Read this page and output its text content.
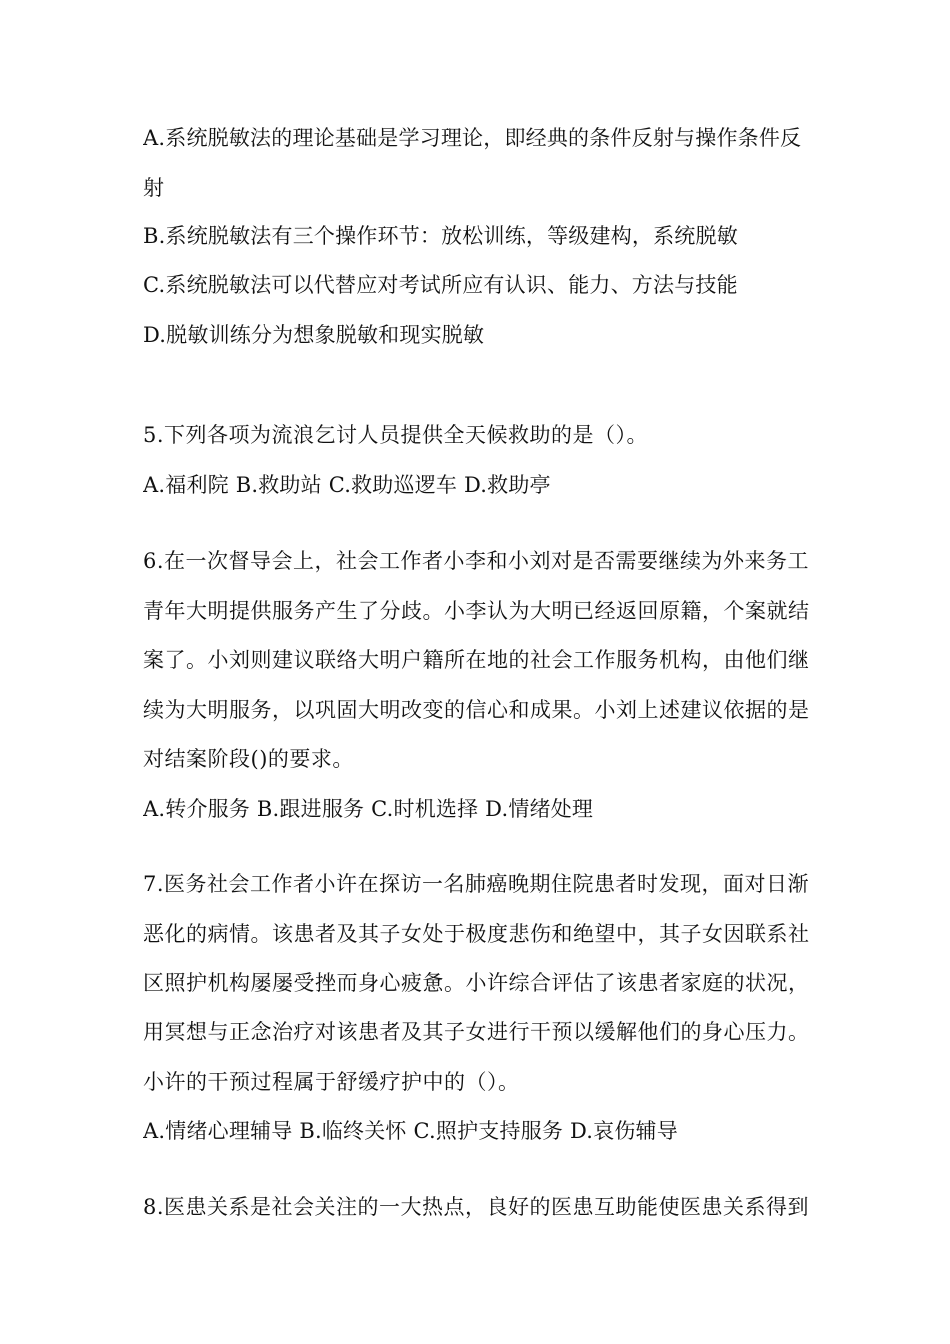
A.系统脱敏法的理论基础是学习理论，即经典的条件反射与操作条件反
射
B.系统脱敏法有三个操作环节：放松训练，等级建构，系统脱敏
C.系统脱敏法可以代替应对考试所应有认识、能力、方法与技能
D.脱敏训练分为想象脱敏和现实脱敏
5.下列各项为流浪乞讨人员提供全天候救助的是（）。
A.福利院 B.救助站 C.救助巡逻车 D.救助亭
6.在一次督导会上，社会工作者小李和小刘对是否需要继续为外来务工
青年大明提供服务产生了分歧。小李认为大明已经返回原籍，个案就结
案了。小刘则建议联络大明户籍所在地的社会工作服务机构，由他们继
续为大明服务，以巩固大明改变的信心和成果。小刘上述建议依据的是
对结案阶段()的要求。
A.转介服务 B.跟进服务 C.时机选择 D.情绪处理
7.医务社会工作者小许在探访一名肺癌晚期住院患者时发现，面对日渐
恶化的病情。该患者及其子女处于极度悲伤和绝望中，其子女因联系社
区照护机构屡屡受挫而身心疲惫。小许综合评估了该患者家庭的状况，
用冥想与正念治疗对该患者及其子女进行干预以缓解他们的身心压力。
小许的干预过程属于舒缓疗护中的（）。
A.情绪心理辅导 B.临终关怀 C.照护支持服务 D.哀伤辅导
8.医患关系是社会关注的一大热点，良好的医患互助能使医患关系得到
